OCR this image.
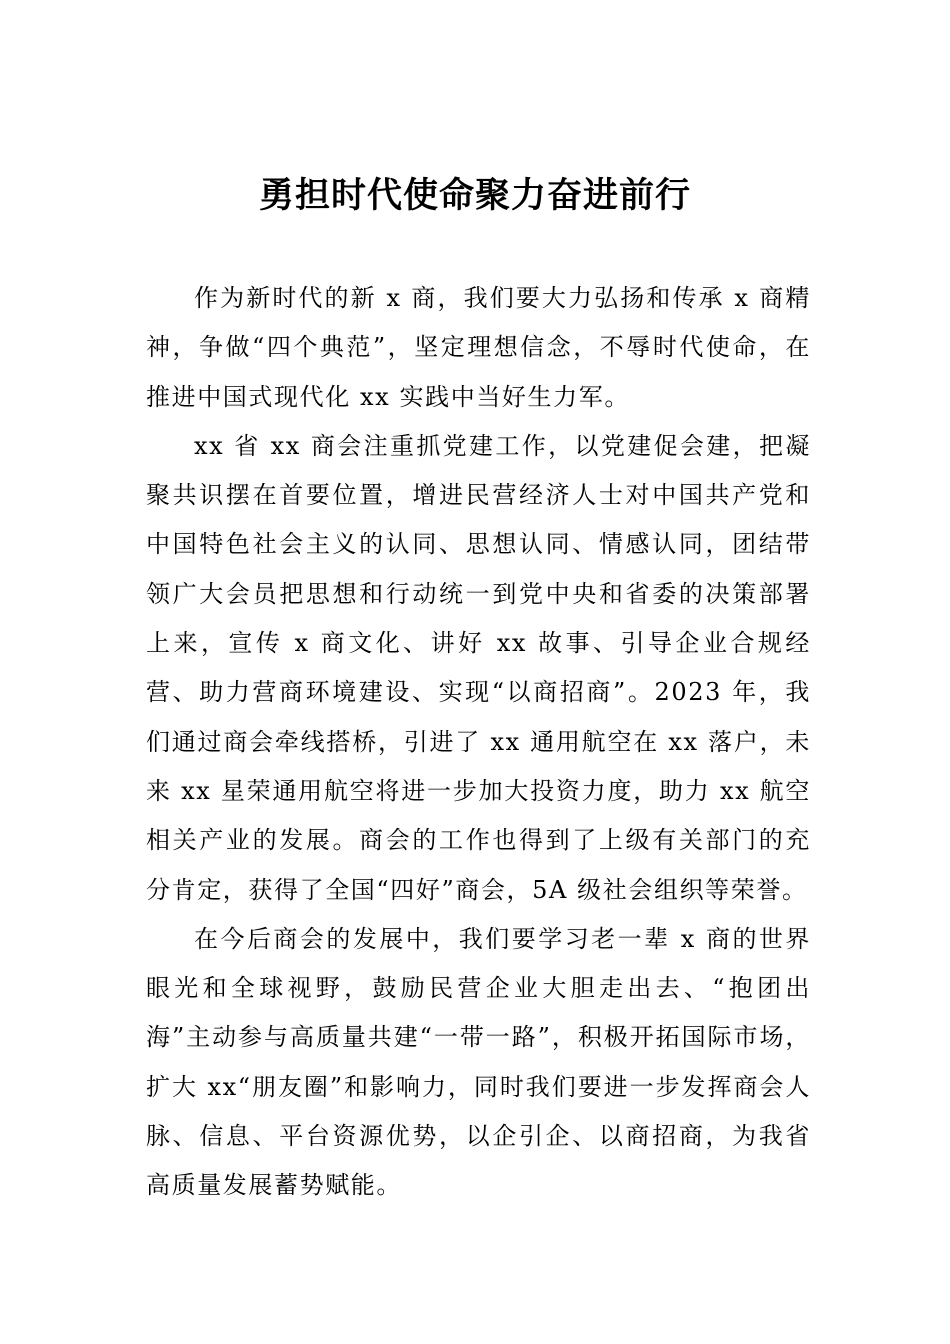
勇担时代使命聚力奋进前行

作为新时代的新 x 商，我们要大力弘扬和传承 x 商精神，争做“四个典范”，坚定理想信念，不辱时代使命，在推进中国式现代化 xx 实践中当好生力军。

xx 省 xx 商会注重抓党建工作，以党建促会建，把凝聚共识摆在首要位置，增进民营经济人士对中国共产党和中国特色社会主义的认同、思想认同、情感认同，团结带领广大会员把思想和行动统一到党中央和省委的决策部署上来，宣传 x 商文化、讲好 xx 故事、引导企业合规经营、助力营商环境建设、实现“以商招商”。2023 年，我们通过商会牵线搭桥，引进了 xx 通用航空在 xx 落户，未来 xx 星荣通用航空将进一步加大投资力度，助力 xx 航空相关产业的发展。商会的工作也得到了上级有关部门的充分肯定，获得了全国“四好”商会，5A 级社会组织等荣誉。

在今后商会的发展中，我们要学习老一辈 x 商的世界眼光和全球视野，鼓励民营企业大胆走出去、“抱团出海”主动参与高质量共建“一带一路”，积极开拓国际市场，扩大 xx“朋友圈”和影响力，同时我们要进一步发挥商会人脉、信息、平台资源优势，以企引企、以商招商，为我省高质量发展蓄势赋能。
